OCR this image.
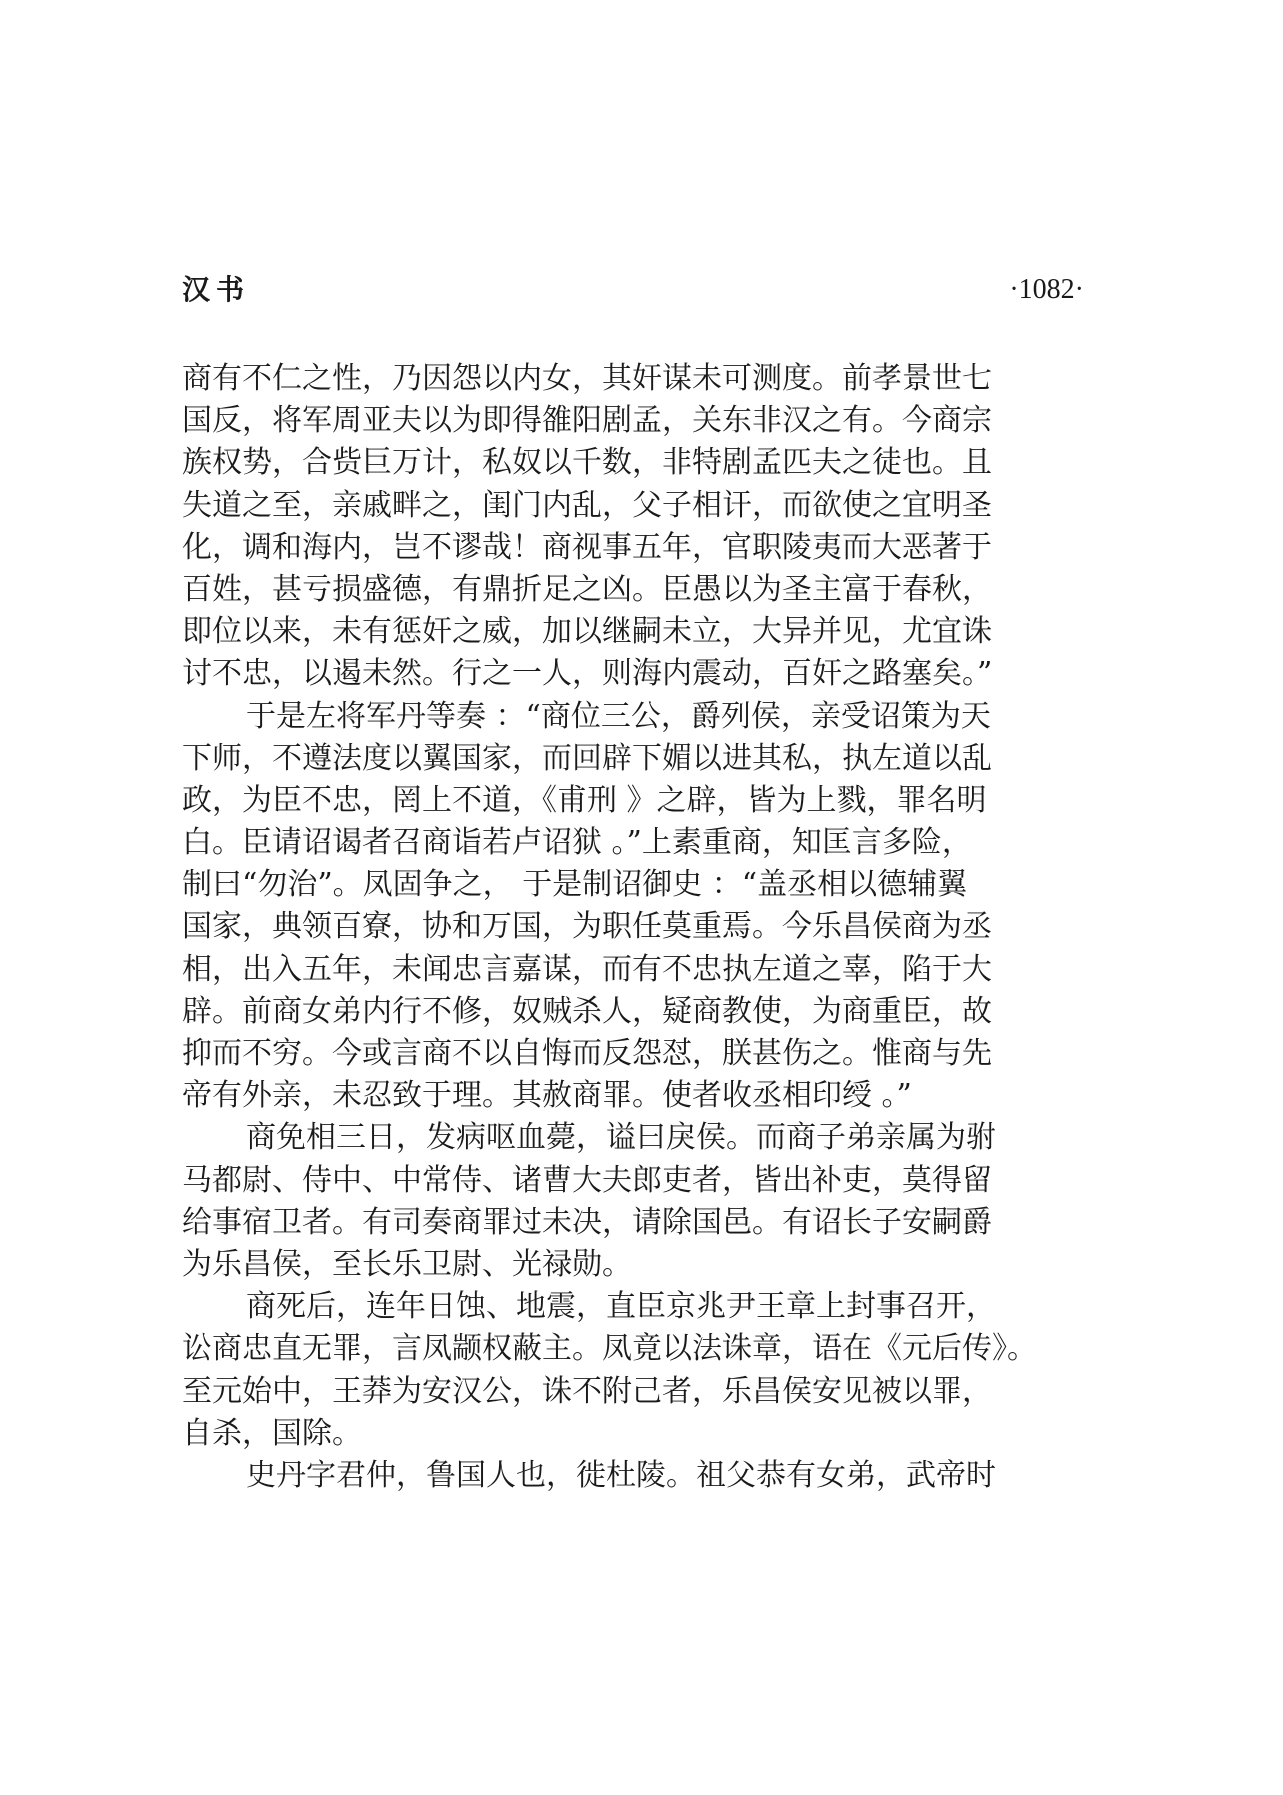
汉书	·1082·
商有不仁之性，乃因怨以内女，其奸谋未可测度。前孝景世七
国反，将军周亚夫以为即得雒阳剧孟，关东非汉之有。今商宗
族权势，合赀巨万计，私奴以千数，非特剧孟匹夫之徒也。且
失道之至，亲戚畔之，闺门内乱，父子相讦，而欲使之宜明圣
化，调和海内，岂不谬哉！商视事五年，官职陵夷而大恶著于
百姓，甚亏损盛德，有鼎折足之凶。臣愚以为圣主富于春秋，
即位以来，未有惩奸之威，加以继嗣未立，大异并见，尤宜诛
讨不忠，以遏未然。行之一人，则海内震动，百奸之路塞矣。”
于是左将军丹等奏 ：“商位三公，爵列侯，亲受诏策为天
下师，不遵法度以翼国家，而回辟下媚以进其私，执左道以乱
政，为臣不忠，罔上不道，《甫刑 》之辟，皆为上戮，罪名明
白。臣请诏谒者召商诣若卢诏狱 。”上素重商，知匡言多险，
制曰“勿治”。凤固争之， 于是制诏御史 ：“盖丞相以德辅翼
国家，典领百寮，协和万国，为职任莫重焉。今乐昌侯商为丞
相，出入五年，未闻忠言嘉谋，而有不忠执左道之辜，陷于大
辟。前商女弟内行不修，奴贼杀人，疑商教使，为商重臣，故
抑而不穷。今或言商不以自悔而反怨怼，朕甚伤之。惟商与先
帝有外亲，未忍致于理。其赦商罪。使者收丞相印绶 。”
商免相三日，发病呕血薨，谥曰戾侯。而商子弟亲属为驸
马都尉、侍中、中常侍、诸曹大夫郎吏者，皆出补吏，莫得留
给事宿卫者。有司奏商罪过未决，请除国邑。有诏长子安嗣爵
为乐昌侯，至长乐卫尉、光禄勋。
商死后，连年日蚀、地震，直臣京兆尹王章上封事召开，
讼商忠直无罪，言凤颛权蔽主。凤竟以法诛章，语在《元后传》。
至元始中，王莽为安汉公，诛不附己者，乐昌侯安见被以罪，
自杀，国除。
史丹字君仲，鲁国人也，徙杜陵。祖父恭有女弟，武帝时
